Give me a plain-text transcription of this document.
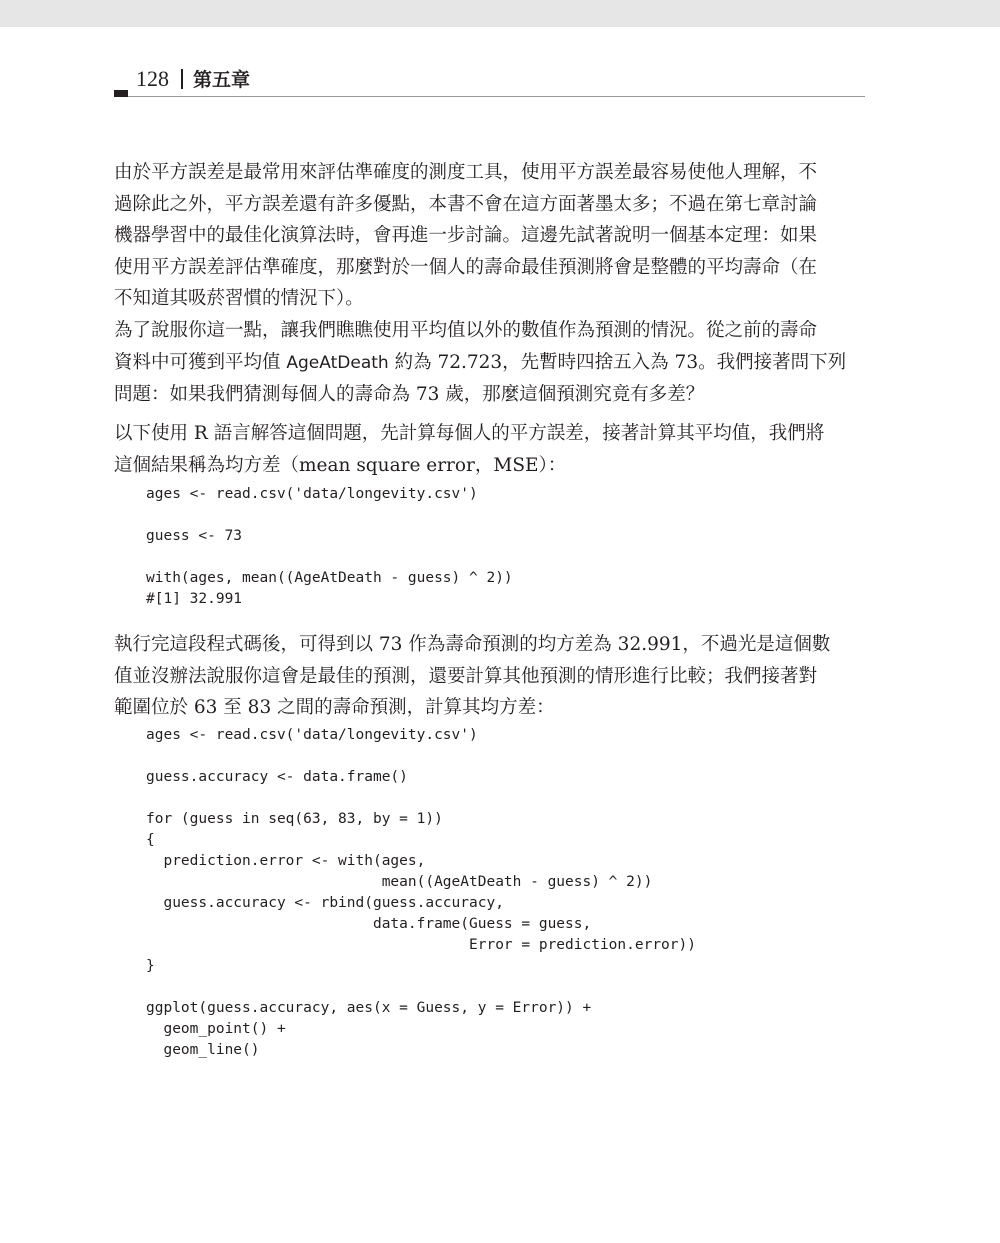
128 第五章
由於平方誤差是最常用來評估準確度的測度工具，使用平方誤差最容易使他人理解，不
過除此之外，平方誤差還有許多優點，本書不會在這方面著墨太多；不過在第七章討論
機器學習中的最佳化演算法時，會再進一步討論。這邊先試著說明一個基本定理：如果
使用平方誤差評估準確度，那麼對於一個人的壽命最佳預測將會是整體的平均壽命（在
不知道其吸菸習慣的情況下）。
為了說服你這一點，讓我們瞧瞧使用平均值以外的數值作為預測的情況。從之前的壽命
資料中可獲到平均值 AgeAtDeath 約為 72.723，先暫時四捨五入為 73。我們接著問下列
問題：如果我們猜測每個人的壽命為 73 歲，那麼這個預測究竟有多差？
以下使用 R 語言解答這個問題，先計算每個人的平方誤差，接著計算其平均值，我們將
這個結果稱為均方差（mean square error，MSE）：
ages <- read.csv('data/longevity.csv')

guess <- 73

with(ages, mean((AgeAtDeath - guess) ^ 2))
#[1] 32.991
執行完這段程式碼後，可得到以 73 作為壽命預測的均方差為 32.991，不過光是這個數
值並沒辦法說服你這會是最佳的預測，還要計算其他預測的情形進行比較；我們接著對
範圍位於 63 至 83 之間的壽命預測，計算其均方差：
ages <- read.csv('data/longevity.csv')

guess.accuracy <- data.frame()

for (guess in seq(63, 83, by = 1))
{
prediction.error <- with(ages,
mean((AgeAtDeath - guess) ^ 2))
guess.accuracy <- rbind(guess.accuracy,
data.frame(Guess = guess,
Error = prediction.error))
}

ggplot(guess.accuracy, aes(x = Guess, y = Error)) +
geom_point() +
geom_line()
